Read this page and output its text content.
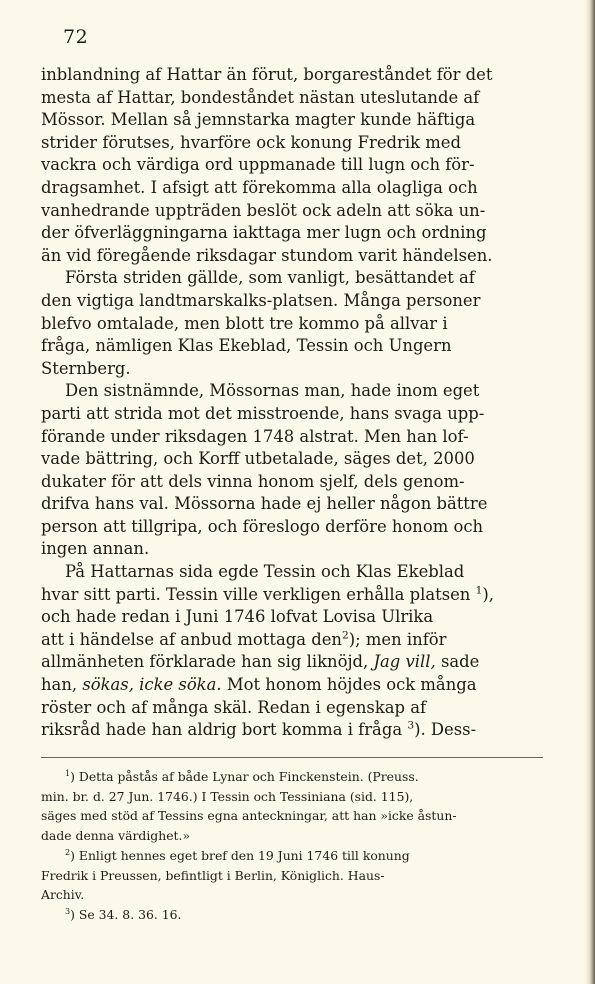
72
inblandning af Hattar än förut, borgareståndet för det
mesta af Hattar, bondeståndet nästan uteslutande af
Mössor. Mellan så jemnstarka magter kunde häftiga
strider förutses, hvarföre ock konung Fredrik med
vackra och värdiga ord uppmanade till lugn och för-
dragsamhet. I afsigt att förekomma alla olagliga och
vanhedrande uppträden beslöt ock adeln att söka un-
der öfverläggningarna iakttaga mer lugn och ordning
än vid föregående riksdagar stundom varit händelsen.
Första striden gällde, som vanligt, besättandet af
den vigtiga landtmarskalks-platsen. Många personer
blefvo omtalade, men blott tre kommo på allvar i
fråga, nämligen Klas Ekeblad, Tessin och Ungern
Sternberg.
Den sistnämnde, Mössornas man, hade inom eget
parti att strida mot det misstroende, hans svaga upp-
förande under riksdagen 1748 alstrat. Men han lof-
vade bättring, och Korff utbetalade, säges det, 2000
dukater för att dels vinna honom sjelf, dels genom-
drifva hans val. Mössorna hade ej heller någon bättre
person att tillgripa, och föreslogo derföre honom och
ingen annan.
På Hattarnas sida egde Tessin och Klas Ekeblad
hvar sitt parti. Tessin ville verkligen erhålla platsen $^1$),
och hade redan i Juni 1746 lofvat Lovisa Ulrika
att i händelse af anbud mottaga den$^2$); men inför
allmänheten förklarade han sig liknöjd, Jag vill, sade
han, sökas, icke söka. Mot honom höjdes ock många
röster och af många skäl. Redan i egenskap af
riksråd hade han aldrig bort komma i fråga $^3$). Dess-
$^1$) Detta påstås af både Lynar och Finckenstein. (Preuss.
min. br. d. 27 Jun. 1746.) I Tessin och Tessiniana (sid. 115),
säges med stöd af Tessins egna anteckningar, att han »icke åstun-
dade denna värdighet.»
$^2$) Enligt hennes eget bref den 19 Juni 1746 till konung
Fredrik i Preussen, befintligt i Berlin, Königlich. Haus-
Archiv.
$^3$) Se 34. 8. 36. 16.
